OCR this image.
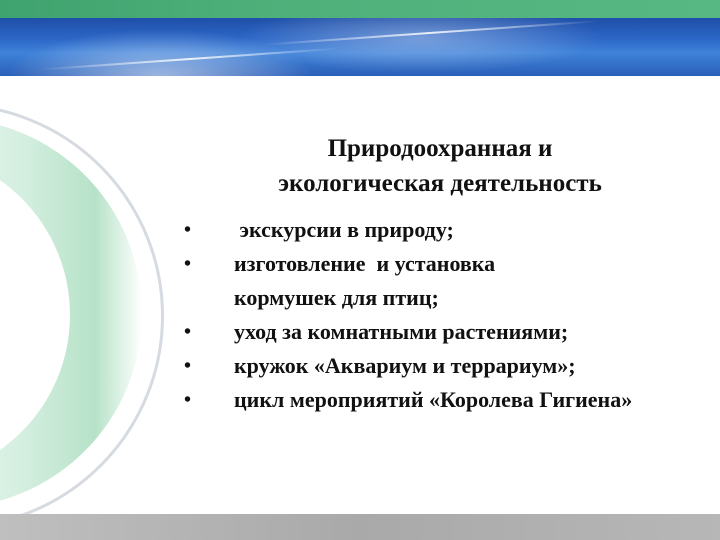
Природоохранная и
экологическая деятельность
• экскурсии в природу;
• изготовление  и установка кормушек для птиц;
• уход за комнатными растениями;
• кружок «Аквариум и террариум»;
• цикл мероприятий «Королева Гигиена»
